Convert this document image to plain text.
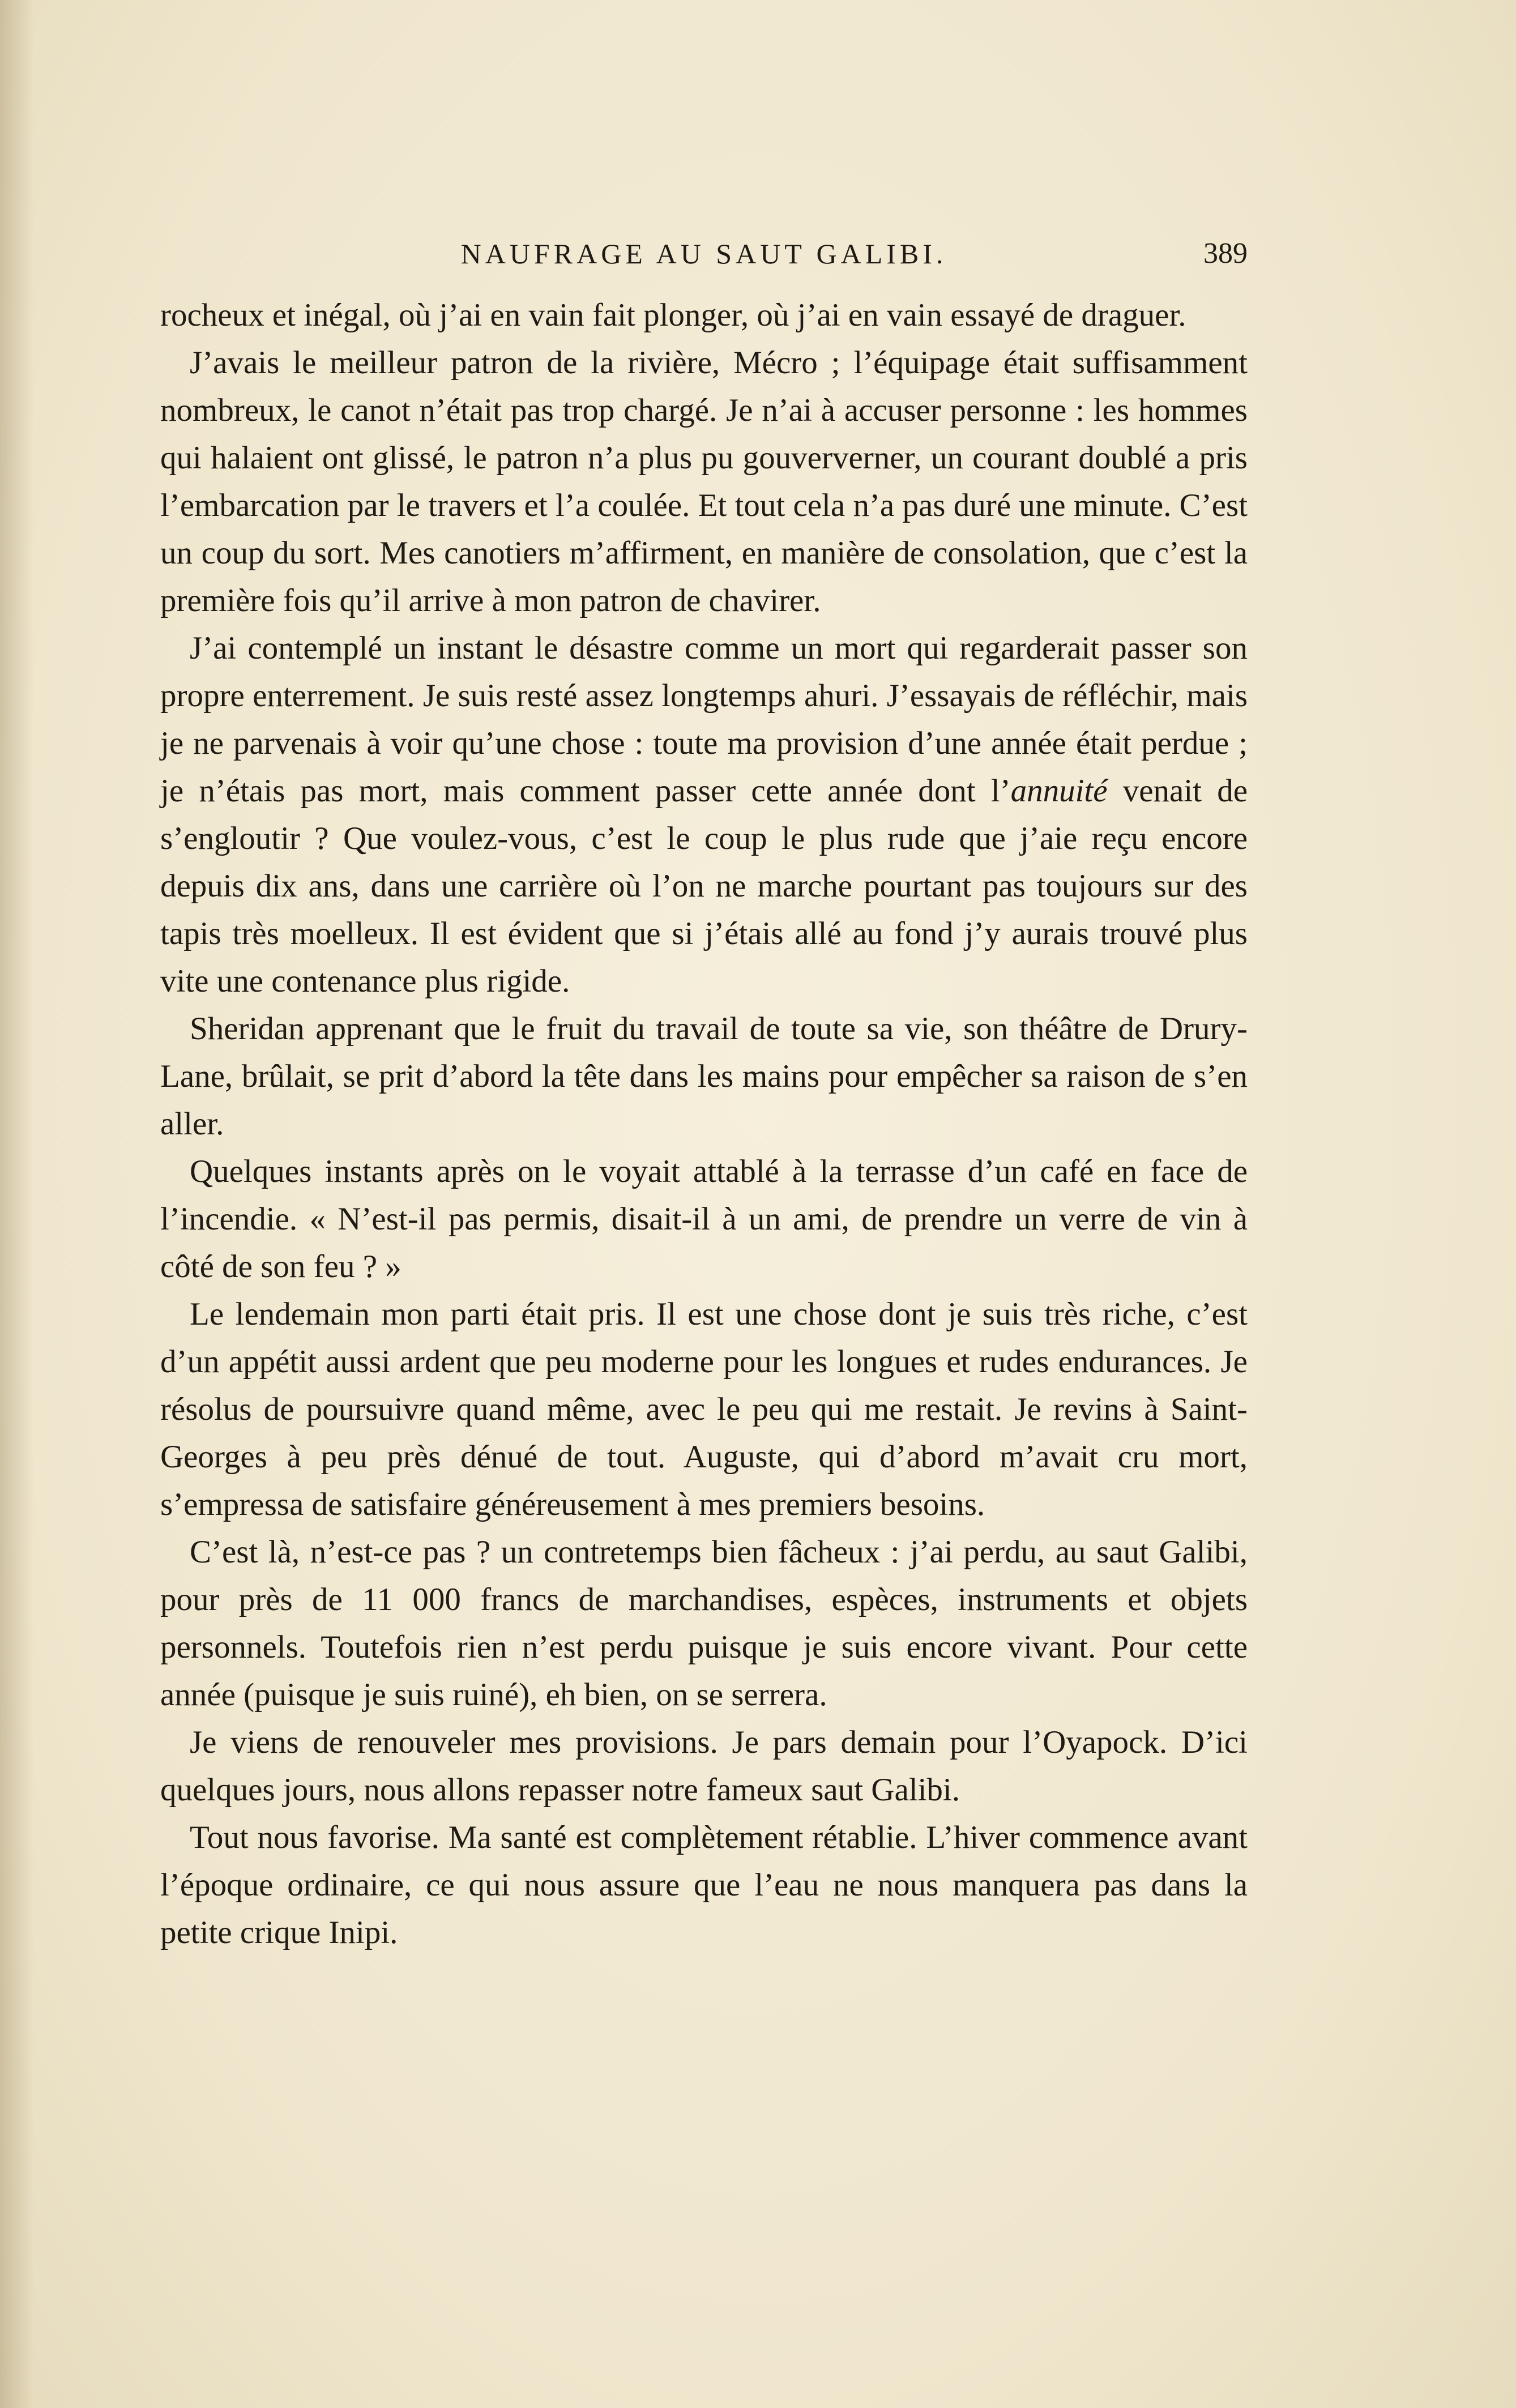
NAUFRAGE AU SAUT GALIBI.	389

rocheux et inégal, où j’ai en vain fait plonger, où j’ai en vain essayé de draguer.

J’avais le meilleur patron de la rivière, Mécro ; l’équipage était suffisamment nombreux, le canot n’était pas trop chargé. Je n’ai à accuser personne : les hommes qui halaient ont glissé, le patron n’a plus pu gouververner, un courant doublé a pris l’embarcation par le travers et l’a coulée. Et tout cela n’a pas duré une minute. C’est un coup du sort. Mes canotiers m’affirment, en manière de consolation, que c’est la première fois qu’il arrive à mon patron de chavirer.

J’ai contemplé un instant le désastre comme un mort qui regarderait passer son propre enterrement. Je suis resté assez longtemps ahuri. J’essayais de réfléchir, mais je ne parvenais à voir qu’une chose : toute ma provision d’une année était perdue ; je n’étais pas mort, mais comment passer cette année dont l’annuité venait de s’engloutir ? Que voulez-vous, c’est le coup le plus rude que j’aie reçu encore depuis dix ans, dans une carrière où l’on ne marche pourtant pas toujours sur des tapis très moelleux. Il est évident que si j’étais allé au fond j’y aurais trouvé plus vite une contenance plus rigide.

Sheridan apprenant que le fruit du travail de toute sa vie, son théâtre de Drury-Lane, brûlait, se prit d’abord la tête dans les mains pour empêcher sa raison de s’en aller.

Quelques instants après on le voyait attablé à la terrasse d’un café en face de l’incendie. « N’est-il pas permis, disait-il à un ami, de prendre un verre de vin à côté de son feu ? »

Le lendemain mon parti était pris. Il est une chose dont je suis très riche, c’est d’un appétit aussi ardent que peu moderne pour les longues et rudes endurances. Je résolus de poursuivre quand même, avec le peu qui me restait. Je revins à Saint-Georges à peu près dénué de tout. Auguste, qui d’abord m’avait cru mort, s’empressa de satisfaire généreusement à mes premiers besoins.

C’est là, n’est-ce pas ? un contretemps bien fâcheux : j’ai perdu, au saut Galibi, pour près de 11 000 francs de marchandises, espèces, instruments et objets personnels. Toutefois rien n’est perdu puisque je suis encore vivant. Pour cette année (puisque je suis ruiné), eh bien, on se serrera.

Je viens de renouveler mes provisions. Je pars demain pour l’Oyapock. D’ici quelques jours, nous allons repasser notre fameux saut Galibi.

Tout nous favorise. Ma santé est complètement rétablie. L’hiver commence avant l’époque ordinaire, ce qui nous assure que l’eau ne nous manquera pas dans la petite crique Inipi.
